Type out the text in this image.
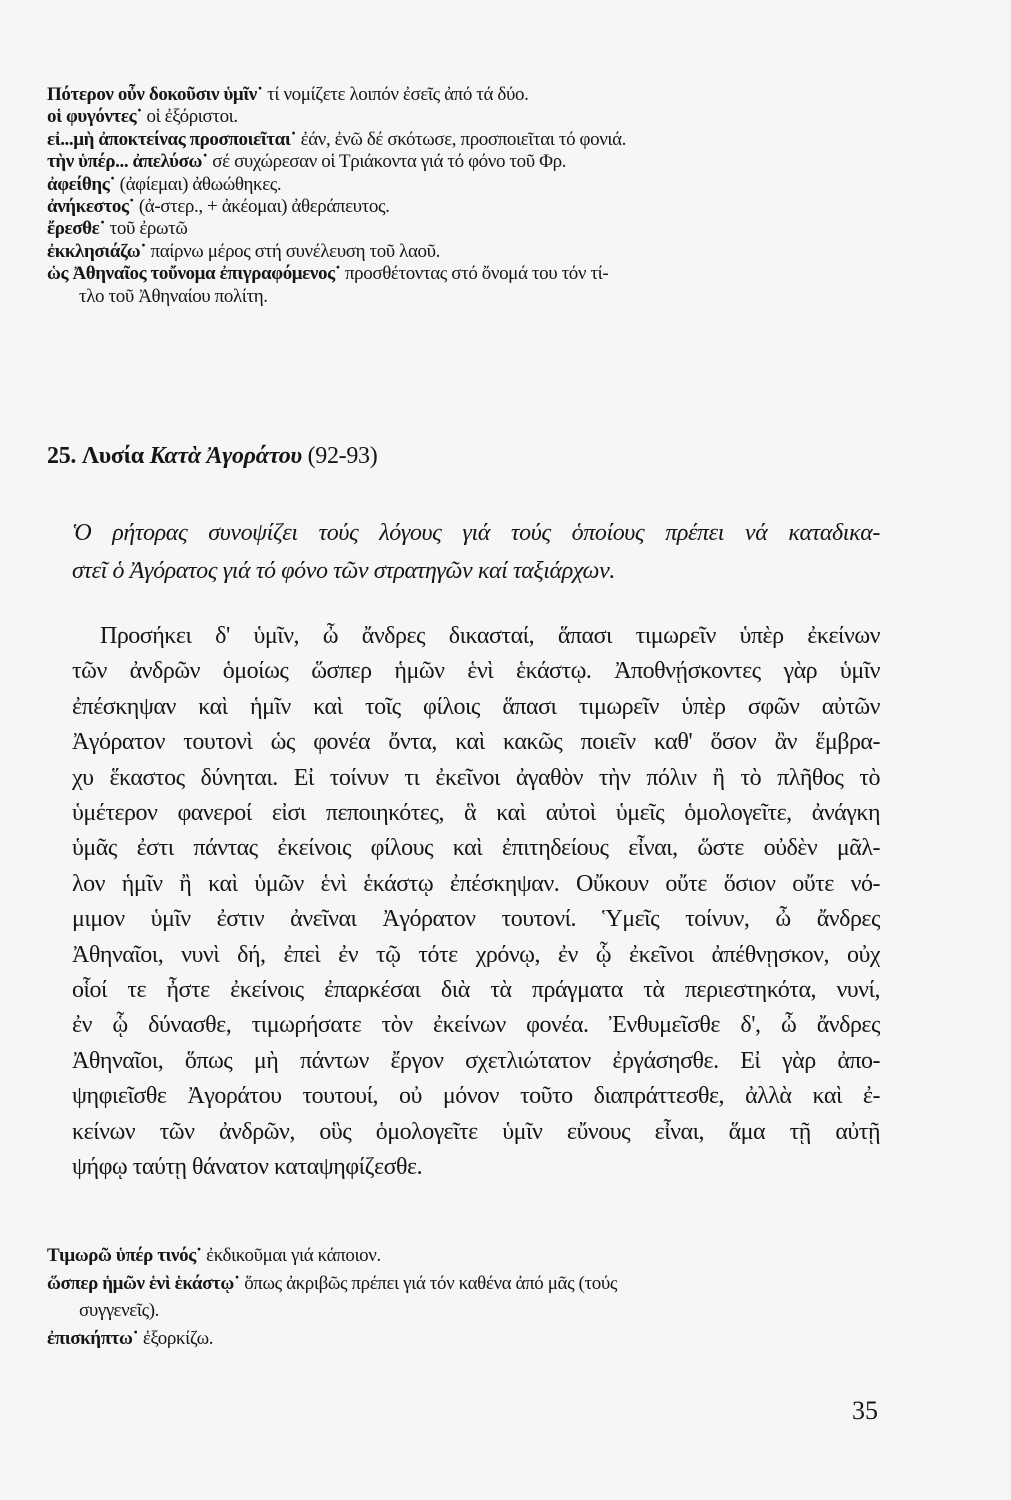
Πότερον οὖν δοκοῦσιν ὑμῖν˙ τί νομίζετε λοιπόν ἐσεῖς ἀπό τά δύο.
οἱ φυγόντες˙ οἱ ἐξόριστοι.
εἰ...μὴ ἀποκτείνας προσποιεῖται˙ ἐάν, ἐνῶ δέ σκότωσε, προσποιεῖται τό φονιά.
τὴν ὑπέρ... ἀπελύσω˙ σέ συχώρεσαν οἱ Τριάκοντα γιά τό φόνο τοῦ Φρ.
ἀφείθης˙ (ἀφίεμαι) ἀθωώθηκες.
ἀνήκεστος˙ (ἀ-στερ., + ἀκέομαι) ἀθεράπευτος.
ἔρεσθε˙ τοῦ ἐρωτῶ
ἐκκλησιάζω˙ παίρνω μέρος στή συνέλευση τοῦ λαοῦ.
ὡς Ἀθηναῖος τοὔνομα ἐπιγραφόμενος˙ προσθέτοντας στό ὄνομά του τόν τί-
τλο τοῦ Ἀθηναίου πολίτη.
25. Λυσία Κατὰ Ἀγοράτου (92-93)
Ὁ ρήτορας συνοψίζει τούς λόγους γιά τούς ὁποίους πρέπει νά καταδικα-
στεῖ ὁ Ἀγόρατος γιά τό φόνο τῶν στρατηγῶν καί ταξιάρχων.
Προσήκει δ' ὑμῖν, ὦ ἄνδρες δικασταί, ἅπασι τιμωρεῖν ὑπὲρ ἐκείνων
τῶν ἀνδρῶν ὁμοίως ὥσπερ ἡμῶν ἑνὶ ἑκάστῳ. Ἀποθνῄσκοντες γὰρ ὑμῖν
ἐπέσκηψαν καὶ ἡμῖν καὶ τοῖς φίλοις ἅπασι τιμωρεῖν ὑπὲρ σφῶν αὐτῶν
Ἀγόρατον τουτονὶ ὡς φονέα ὄντα, καὶ κακῶς ποιεῖν καθ' ὅσον ἂν ἕμβρα-
χυ ἕκαστος δύνηται. Εἰ τοίνυν τι ἐκεῖνοι ἀγαθὸν τὴν πόλιν ἢ τὸ πλῆθος τὸ
ὑμέτερον φανεροί εἰσι πεποιηκότες, ἃ καὶ αὐτοὶ ὑμεῖς ὁμολογεῖτε, ἀνάγκη
ὑμᾶς ἐστι πάντας ἐκείνοις φίλους καὶ ἐπιτηδείους εἶναι, ὥστε οὐδὲν μᾶλ-
λον ἡμῖν ἢ καὶ ὑμῶν ἑνὶ ἑκάστῳ ἐπέσκηψαν. Οὔκουν οὔτε ὅσιον οὔτε νό-
μιμον ὑμῖν ἐστιν ἀνεῖναι Ἀγόρατον τουτονί. Ὑμεῖς τοίνυν, ὦ ἄνδρες
Ἀθηναῖοι, νυνὶ δή, ἐπεὶ ἐν τῷ τότε χρόνῳ, ἐν ᾧ ἐκεῖνοι ἀπέθνῃσκον, οὐχ
οἷοί τε ἦστε ἐκείνοις ἐπαρκέσαι διὰ τὰ πράγματα τὰ περιεστηκότα, νυνί,
ἐν ᾧ δύνασθε, τιμωρήσατε τὸν ἐκείνων φονέα. Ἐνθυμεῖσθε δ', ὦ ἄνδρες
Ἀθηναῖοι, ὅπως μὴ πάντων ἔργον σχετλιώτατον ἐργάσησθε. Εἰ γὰρ ἀπο-
ψηφιεῖσθε Ἀγοράτου τουτουί, οὐ μόνον τοῦτο διαπράττεσθε, ἀλλὰ καὶ ἐ-
κείνων τῶν ἀνδρῶν, οὓς ὁμολογεῖτε ὑμῖν εὔνους εἶναι, ἅμα τῇ αὐτῇ
ψήφῳ ταύτῃ θάνατον καταψηφίζεσθε.
Τιμωρῶ ὑπέρ τινός˙ ἐκδικοῦμαι γιά κάποιον.
ὥσπερ ἡμῶν ἑνὶ ἑκάστῳ˙ ὅπως ἀκριβῶς πρέπει γιά τόν καθένα ἀπό μᾶς (τούς
συγγενεῖς).
ἐπισκήπτω˙ ἐξορκίζω.
35
